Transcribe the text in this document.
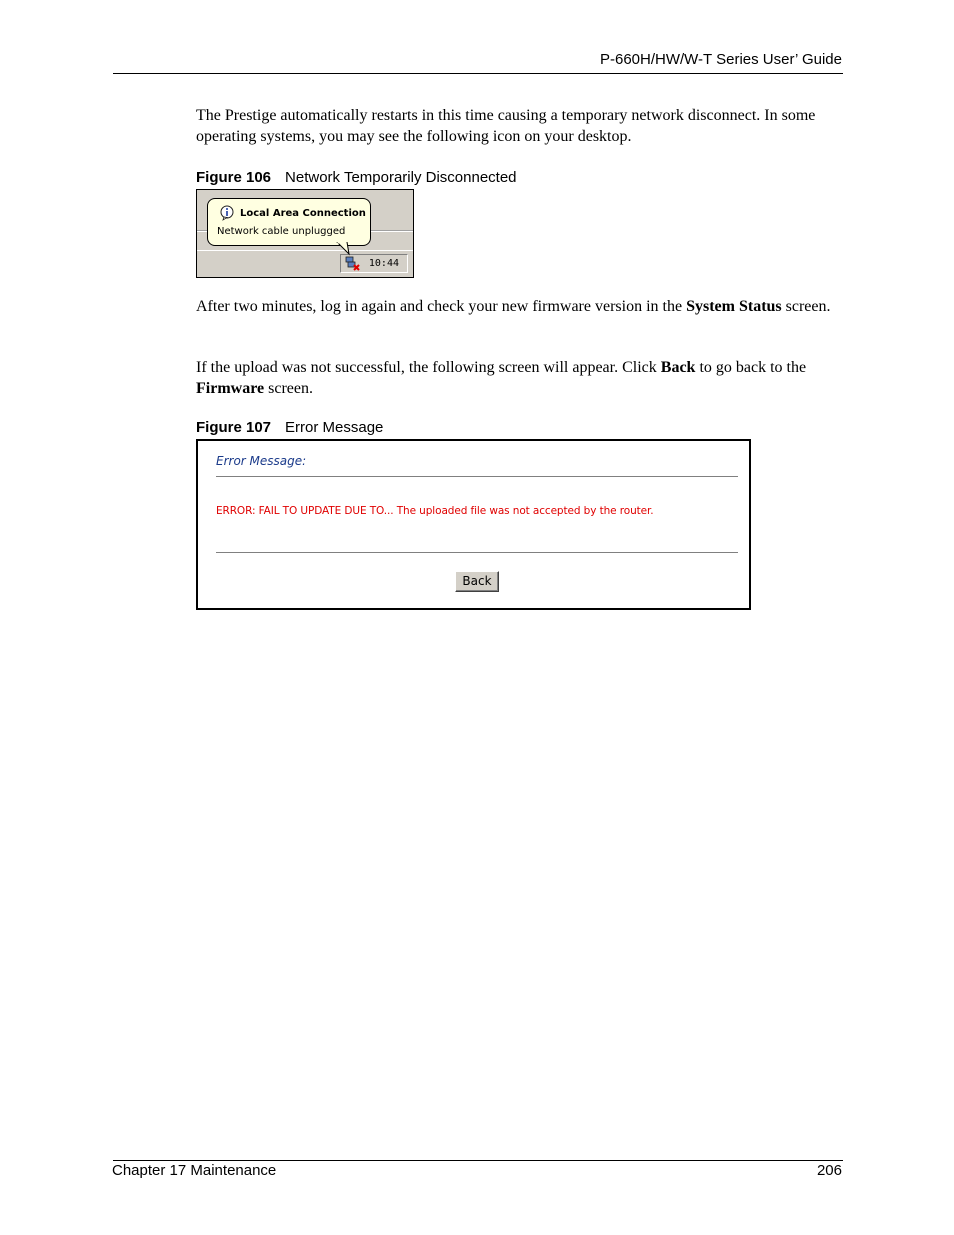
P-660H/HW/W-T Series User’ Guide

The Prestige automatically restarts in this time causing a temporary network disconnect. In some operating systems, you may see the following icon on your desktop.

Figure 106 Network Temporarily Disconnected
10:44
Local Area Connection
Network cable unplugged

After two minutes, log in again and check your new firmware version in the System Status screen.

If the upload was not successful, the following screen will appear. Click Back to go back to the Firmware screen.

Figure 107 Error Message
Error Message:
ERROR: FAIL TO UPDATE DUE TO... The uploaded file was not accepted by the router.
Back
Chapter 17 Maintenance	206
